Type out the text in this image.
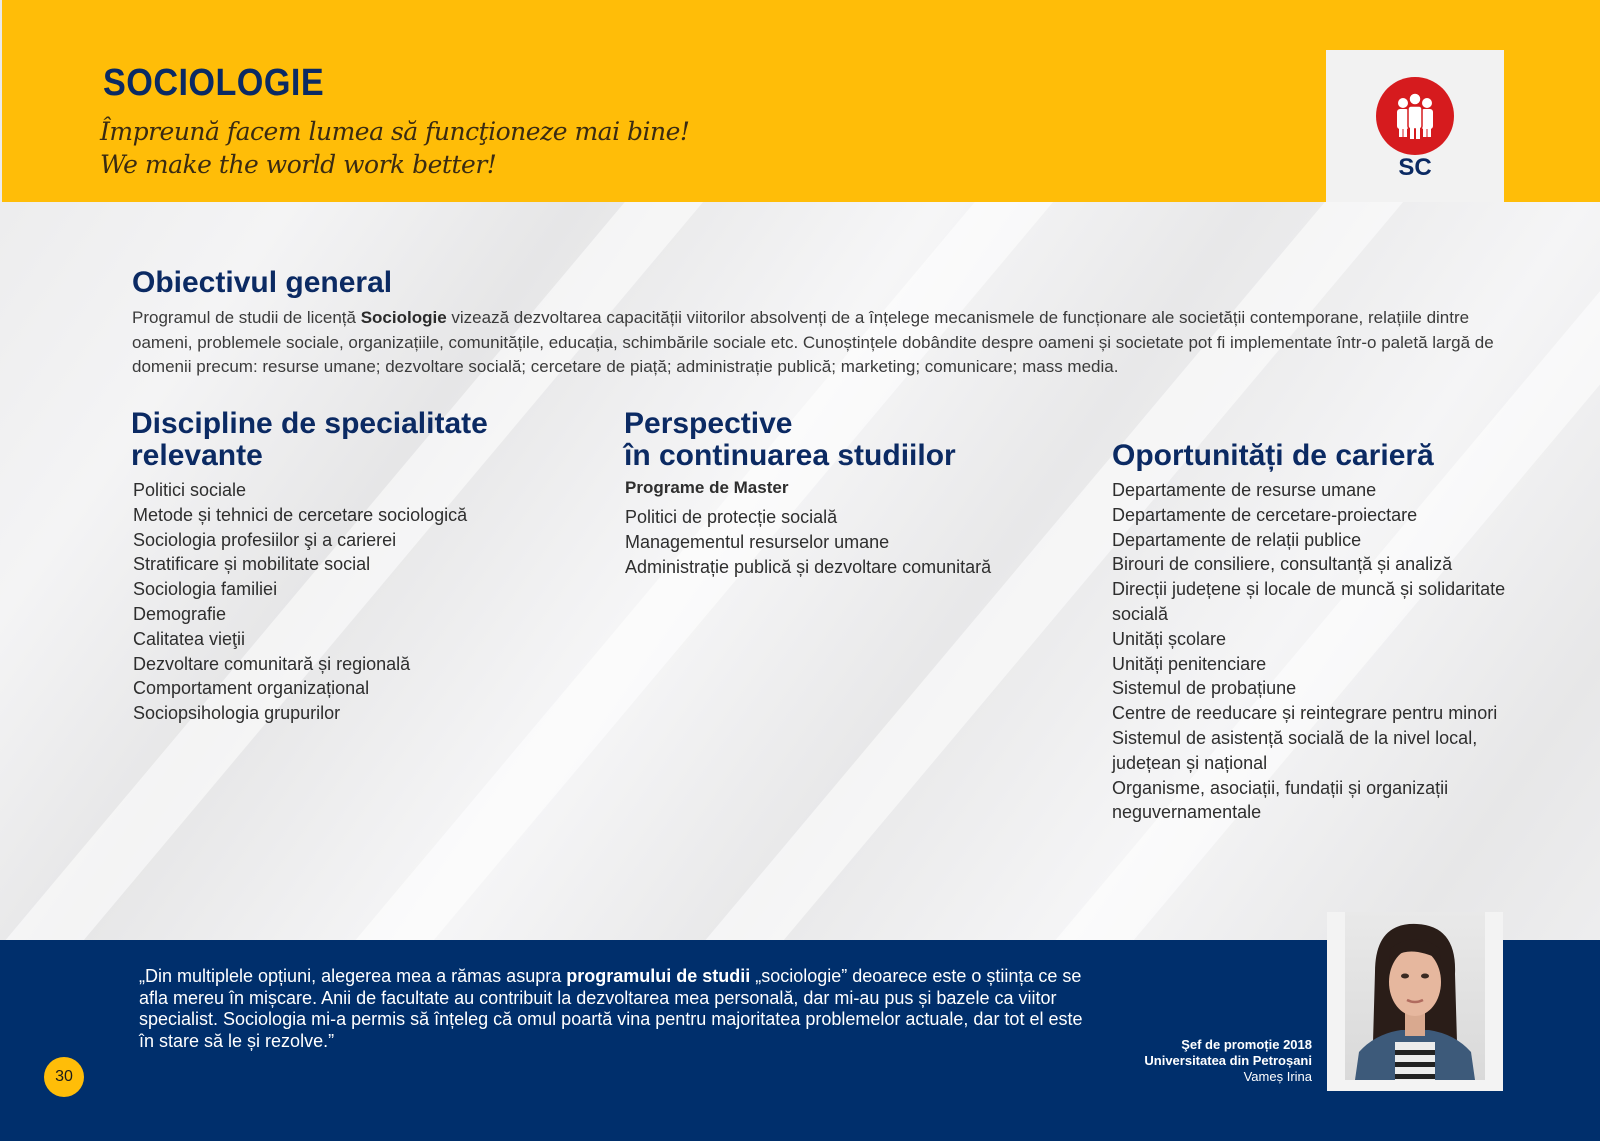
SOCIOLOGIE
Împreună facem lumea să funcţioneze mai bine!
We make the world work better!	SC
Obiectivul general
Programul de studii de licență Sociologie vizează dezvoltarea capacității viitorilor absolvenți de a înțelege mecanismele de funcționare ale societății contemporane, relațiile dintre oameni, problemele sociale, organizațiile, comunitățile, educația, schimbările sociale etc. Cunoștințele dobândite despre oameni și societate pot fi implementate într-o paletă largă de domenii precum: resurse umane; dezvoltare socială; cercetare de piață; administrație publică; marketing; comunicare; mass media.
Discipline de specialitate
relevante
Politici sociale
Metode și tehnici de cercetare sociologică
Sociologia profesiilor şi a carierei
Stratificare și mobilitate social
Sociologia familiei
Demografie
Calitatea vieţii
Dezvoltare comunitară și regională
Comportament organizațional
Sociopsihologia grupurilor
Perspective
în continuarea studiilor
Programe de Master
Politici de protecție socială
Managementul resurselor umane
Administrație publică și dezvoltare comunitară
Oportunități de carieră
Departamente de resurse umane
Departamente de cercetare-proiectare
Departamente de relații publice
Birouri de consiliere, consultanță și analiză
Direcții județene și locale de muncă și solidaritate socială
Unități școlare
Unități penitenciare
Sistemul de probațiune
Centre de reeducare și reintegrare pentru minori
Sistemul de asistență socială de la nivel local, județean și național
Organisme, asociații, fundații și organizații neguvernamentale
„Din multiplele opțiuni, alegerea mea a rămas asupra programului de studii „sociologie” deoarece este o știința ce se afla mereu în mișcare. Anii de facultate au contribuit la dezvoltarea mea personală, dar mi-au pus și bazele ca viitor specialist. Sociologia mi-a permis să înțeleg că omul poartă vina pentru majoritatea problemelor actuale, dar tot el este în stare să le și rezolve.”	Şef de promoție 2018
Universitatea din Petroșani
Vameș Irina
30
